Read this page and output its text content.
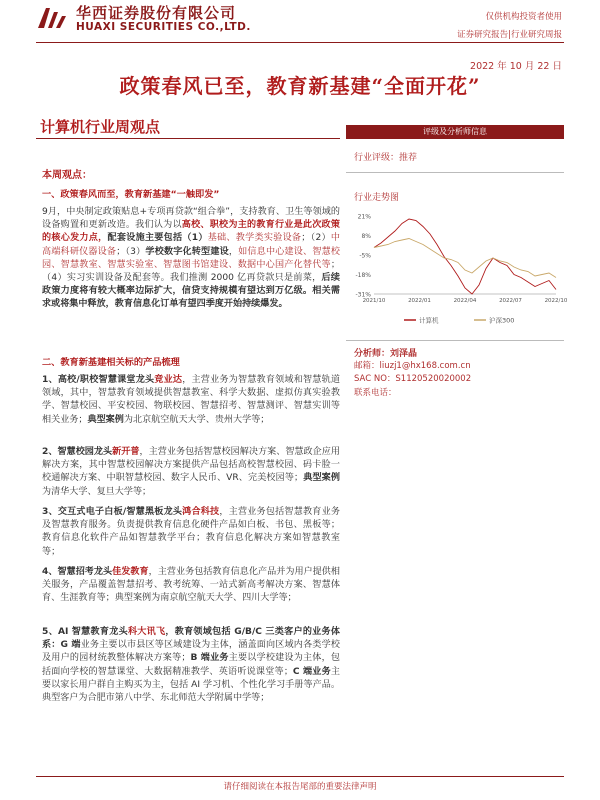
华西证券股份有限公司
HUAXI SECURITIES CO.,LTD.
仅供机构投资者使用
证券研究报告|行业研究周报
2022 年 10 月 22 日
政策春风已至，教育新基建“全面开花”
计算机行业周观点	评级及分析师信息
行业评级：推荐
行业走势图
21%
8%
-5%
-18%
-31%
2021/10	2022/01	2022/04	2022/07	2022/10
计算机	沪深300
分析师：刘泽晶
邮箱：liuzj1@hx168.com.cn
SAC NO：S1120520020002
联系电话：
本周观点：
一、政策春风而至，教育新基建“一触即发”

9月，中央制定政策贴息+专项再贷款“组合拳”，支持教育、卫生等领域的设备购置和更新改造。我们认为以高校、职校为主的教育行业是此次政策的核心发力点，配套设施主要包括（1）基础、教学类实验设备；（2）中高端科研仪器设备；（3）学校数字化转型建设，如信息中心建设、智慧校园、智慧教室、智慧实验室、智慧图书馆建设、数据中心国产化替代等；（4）实习实训设备及配套等。我们推测 2000 亿再贷款只是前菜，后续政策力度将有较大概率边际扩大，信贷支持规模有望达到万亿级。相关需求或将集中释放，教育信息化订单有望四季度开始持续爆发。

二、教育新基建相关标的产品梳理

1、高校/职校智慧课堂龙头竞业达，主营业务为智慧教育领域和智慧轨道领域，其中，智慧教育领域提供智慧教室、科学大数据、虚拟仿真实验教学、智慧校园、平安校园、物联校园、智慧招考、智慧测评、智慧实训等相关业务；典型案例为北京航空航天大学、贵州大学等；

2、智慧校园龙头新开普，主营业务包括智慧校园解决方案、智慧政企应用解决方案，其中智慧校园解决方案提供产品包括高校智慧校园、码卡脸一校通解决方案、中职智慧校园、数字人民币、VR、完美校园等；典型案例为清华大学、复旦大学等；

3、交互式电子白板/智慧黑板龙头鸿合科技，主营业务包括智慧教育业务及智慧教育服务。负责提供教育信息化硬件产品如白板、书包、黑板等；教育信息化软件产品如智慧教学平台；教育信息化解决方案如智慧教室等；

4、智慧招考龙头佳发教育，主营业务包括教育信息化产品并为用户提供相关服务，产品覆盖智慧招考、教考统筹、一站式新高考解决方案、智慧体育、生涯教育等；典型案例为南京航空航天大学、四川大学等；

5、AI 智慧教育龙头科大讯飞，教育领域包括 G/B/C 三类客户的业务体系：G 端业务主要以市县区等区域建设为主体，涵盖面向区域内各类学校及用户的园材统教整体解决方案等；B 端业务主要以学校建设为主体，包括面向学校的智慧课堂、大数据精准教学、英语听说课堂等；C 端业务主要以家长用户群自主购买为主，包括 AI 学习机、个性化学习手册等产品。典型客户为合肥市第八中学、东北师范大学附属中学等；

请仔细阅读在本报告尾部的重要法律声明
